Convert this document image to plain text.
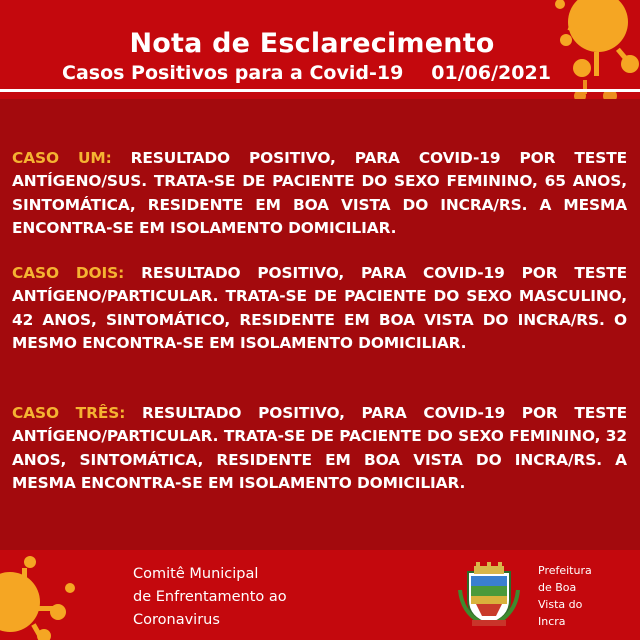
Nota de Esclarecimento
Casos Positivos para a Covid-19 01/06/2021
CASO UM: RESULTADO POSITIVO, PARA COVID-19 POR TESTE ANTÍGENO/SUS. TRATA-SE DE PACIENTE DO SEXO FEMININO, 65 ANOS, SINTOMÁTICA, RESIDENTE EM BOA VISTA DO INCRA/RS. A MESMA ENCONTRA-SE EM ISOLAMENTO DOMICILIAR.
CASO DOIS: RESULTADO POSITIVO, PARA COVID-19 POR TESTE ANTÍGENO/PARTICULAR. TRATA-SE DE PACIENTE DO SEXO MASCULINO, 42 ANOS, SINTOMÁTICO, RESIDENTE EM BOA VISTA DO INCRA/RS. O MESMO ENCONTRA-SE EM ISOLAMENTO DOMICILIAR.
CASO TRÊS: RESULTADO POSITIVO, PARA COVID-19 POR TESTE ANTÍGENO/PARTICULAR. TRATA-SE DE PACIENTE DO SEXO FEMININO, 32 ANOS, SINTOMÁTICA, RESIDENTE EM BOA VISTA DO INCRA/RS. A MESMA ENCONTRA-SE EM ISOLAMENTO DOMICILIAR.
Comitê Municipal
de Enfrentamento ao
Coronavirus
Prefeitura
de Boa
Vista do
Incra
